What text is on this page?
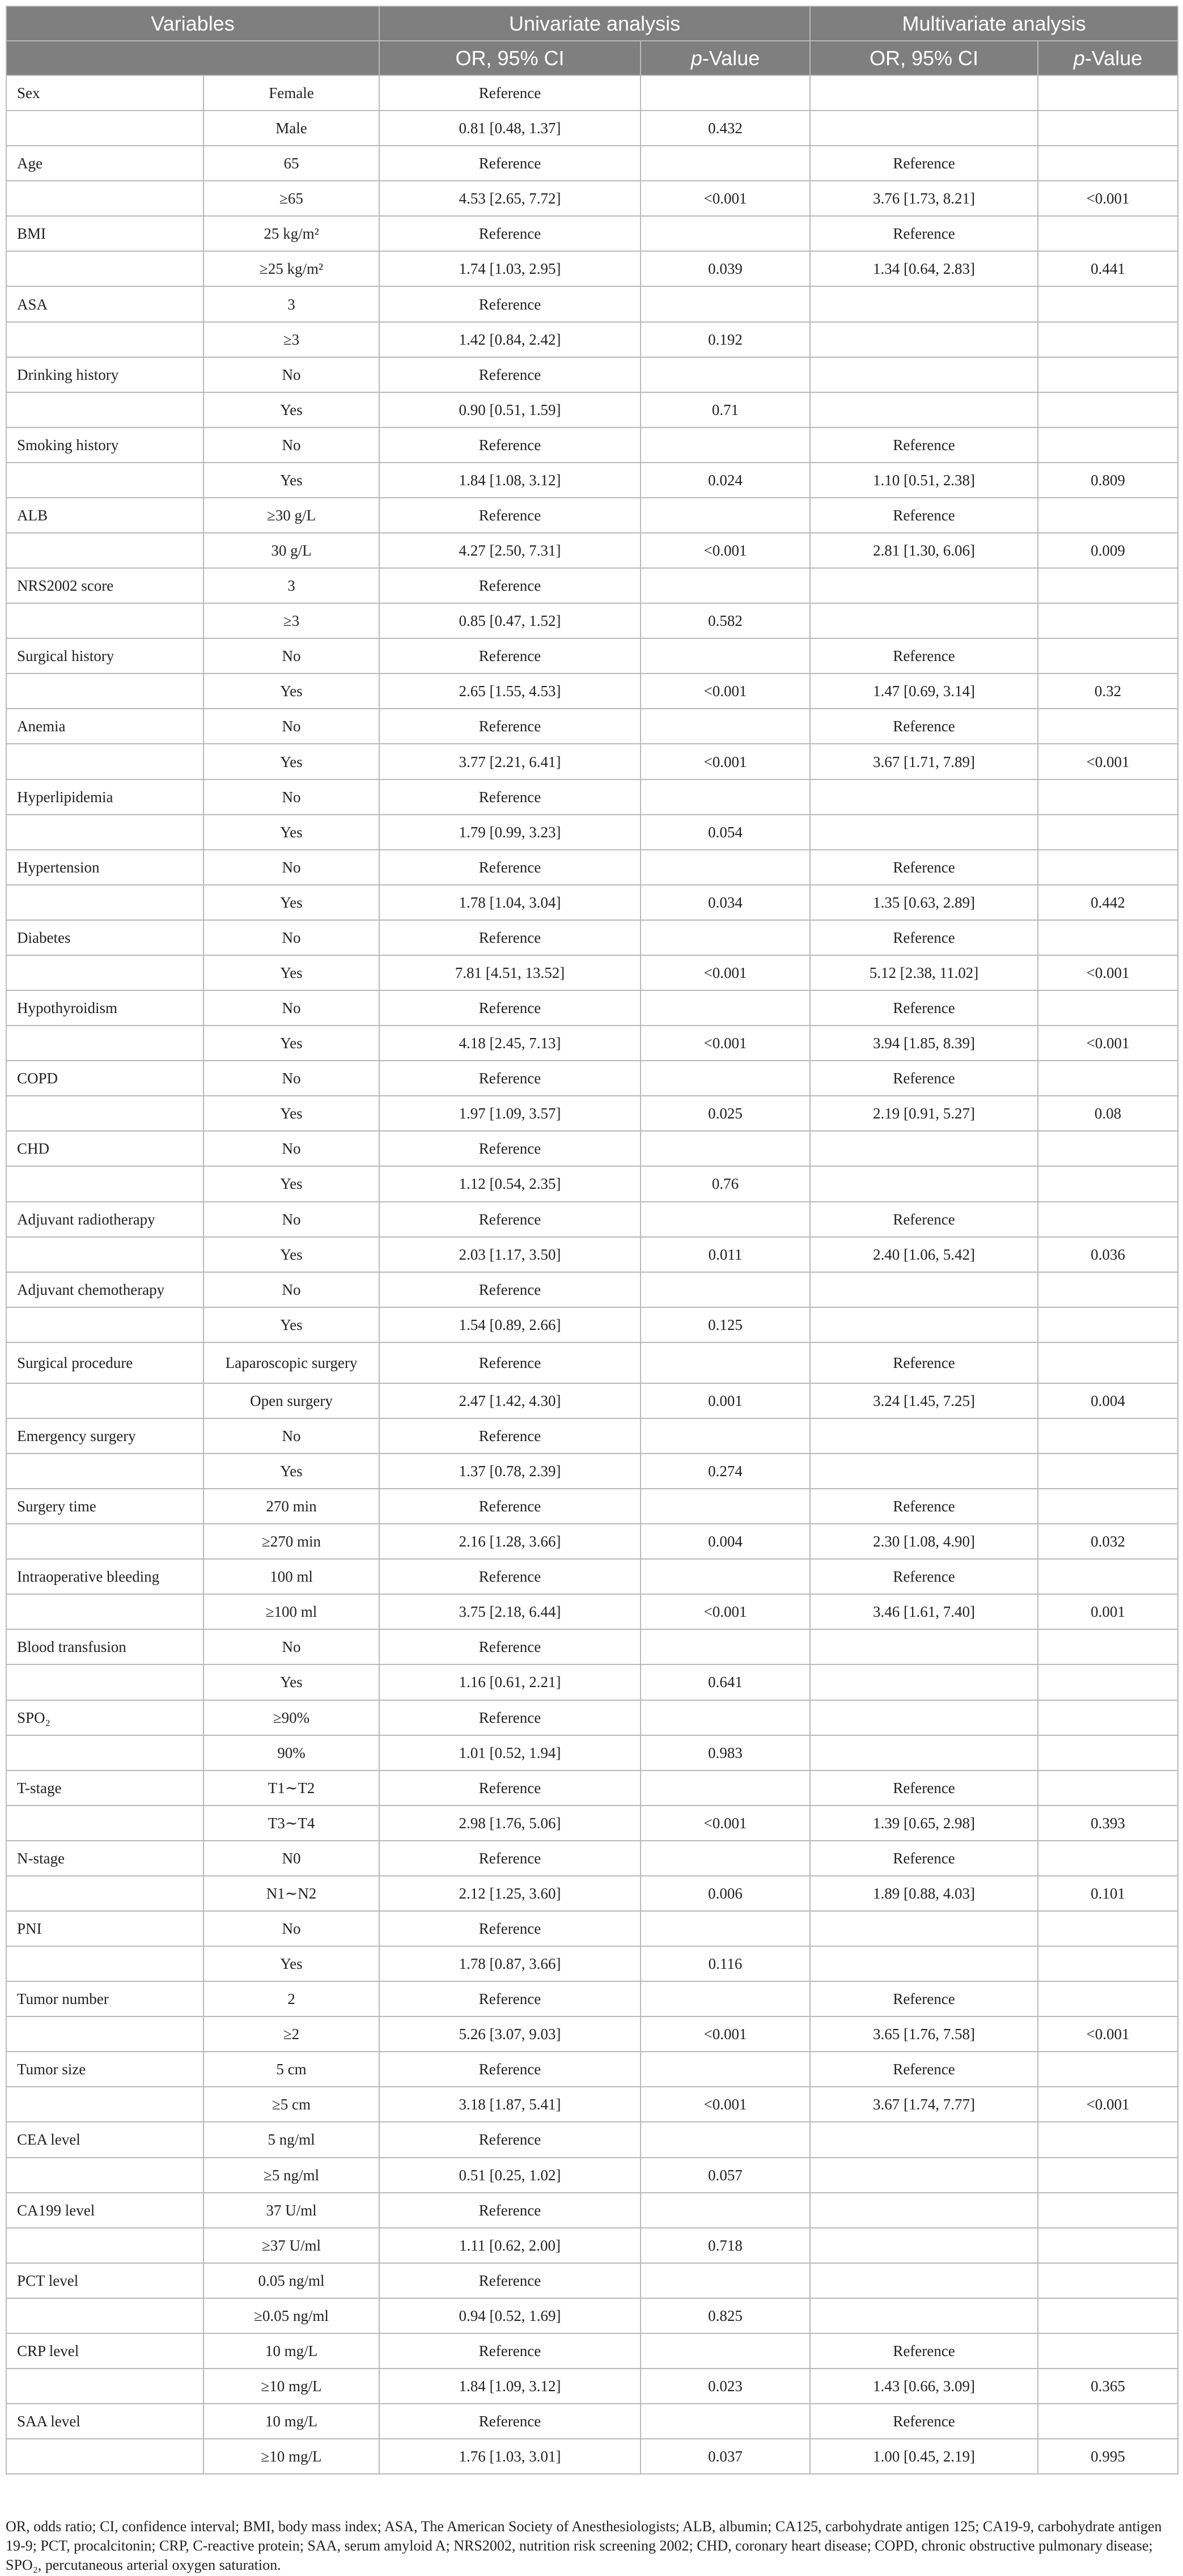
Variables		Univariate analysis		Multivariate analysis	
		OR, 95% CI	p-Value	OR, 95% CI	p-Value
Sex	Female	Reference			
	Male	0.81 [0.48, 1.37]	0.432		
Age	65	Reference		Reference	
	≥65	4.53 [2.65, 7.72]	<0.001	3.76 [1.73, 8.21]	<0.001
BMI	25 kg/m²	Reference		Reference	
	≥25 kg/m²	1.74 [1.03, 2.95]	0.039	1.34 [0.64, 2.83]	0.441
ASA	3	Reference			
	≥3	1.42 [0.84, 2.42]	0.192		
Drinking history	No	Reference			
	Yes	0.90 [0.51, 1.59]	0.71		
Smoking history	No	Reference		Reference	
	Yes	1.84 [1.08, 3.12]	0.024	1.10 [0.51, 2.38]	0.809
ALB	≥30 g/L	Reference		Reference	
	30 g/L	4.27 [2.50, 7.31]	<0.001	2.81 [1.30, 6.06]	0.009
NRS2002 score	3	Reference			
	≥3	0.85 [0.47, 1.52]	0.582		
Surgical history	No	Reference		Reference	
	Yes	2.65 [1.55, 4.53]	<0.001	1.47 [0.69, 3.14]	0.32
Anemia	No	Reference		Reference	
	Yes	3.77 [2.21, 6.41]	<0.001	3.67 [1.71, 7.89]	<0.001
Hyperlipidemia	No	Reference			
	Yes	1.79 [0.99, 3.23]	0.054		
Hypertension	No	Reference		Reference	
	Yes	1.78 [1.04, 3.04]	0.034	1.35 [0.63, 2.89]	0.442
Diabetes	No	Reference		Reference	
	Yes	7.81 [4.51, 13.52]	<0.001	5.12 [2.38, 11.02]	<0.001
Hypothyroidism	No	Reference		Reference	
	Yes	4.18 [2.45, 7.13]	<0.001	3.94 [1.85, 8.39]	<0.001
COPD	No	Reference		Reference	
	Yes	1.97 [1.09, 3.57]	0.025	2.19 [0.91, 5.27]	0.08
CHD	No	Reference			
	Yes	1.12 [0.54, 2.35]	0.76		
Adjuvant radiotherapy	No	Reference		Reference	
	Yes	2.03 [1.17, 3.50]	0.011	2.40 [1.06, 5.42]	0.036
Adjuvant chemotherapy	No	Reference			
	Yes	1.54 [0.89, 2.66]	0.125		
Surgical procedure	Laparoscopic surgery	Reference		Reference	
	Open surgery	2.47 [1.42, 4.30]	0.001	3.24 [1.45, 7.25]	0.004
Emergency surgery	No	Reference			
	Yes	1.37 [0.78, 2.39]	0.274		
Surgery time	270 min	Reference		Reference	
	≥270 min	2.16 [1.28, 3.66]	0.004	2.30 [1.08, 4.90]	0.032
Intraoperative bleeding	100 ml	Reference		Reference	
	≥100 ml	3.75 [2.18, 6.44]	<0.001	3.46 [1.61, 7.40]	0.001
Blood transfusion	No	Reference			
	Yes	1.16 [0.61, 2.21]	0.641		
SPO₂	≥90%	Reference			
	90%	1.01 [0.52, 1.94]	0.983		
T-stage	T1∼T2	Reference		Reference	
	T3∼T4	2.98 [1.76, 5.06]	<0.001	1.39 [0.65, 2.98]	0.393
N-stage	N0	Reference		Reference	
	N1∼N2	2.12 [1.25, 3.60]	0.006	1.89 [0.88, 4.03]	0.101
PNI	No	Reference			
	Yes	1.78 [0.87, 3.66]	0.116		
Tumor number	2	Reference		Reference	
	≥2	5.26 [3.07, 9.03]	<0.001	3.65 [1.76, 7.58]	<0.001
Tumor size	5 cm	Reference		Reference	
	≥5 cm	3.18 [1.87, 5.41]	<0.001	3.67 [1.74, 7.77]	<0.001
CEA level	5 ng/ml	Reference			
	≥5 ng/ml	0.51 [0.25, 1.02]	0.057		
CA199 level	37 U/ml	Reference			
	≥37 U/ml	1.11 [0.62, 2.00]	0.718		
PCT level	0.05 ng/ml	Reference			
	≥0.05 ng/ml	0.94 [0.52, 1.69]	0.825		
CRP level	10 mg/L	Reference		Reference	
	≥10 mg/L	1.84 [1.09, 3.12]	0.023	1.43 [0.66, 3.09]	0.365
SAA level	10 mg/L	Reference		Reference	
	≥10 mg/L	1.76 [1.03, 3.01]	0.037	1.00 [0.45, 2.19]	0.995
OR, odds ratio; CI, confidence interval; BMI, body mass index; ASA, The American Society of Anesthesiologists; ALB, albumin; CA125, carbohydrate antigen 125; CA19-9, carbohydrate antigen 19-9; PCT, procalcitonin; CRP, C-reactive protein; SAA, serum amyloid A; NRS2002, nutrition risk screening 2002; CHD, coronary heart disease; COPD, chronic obstructive pulmonary disease; SPO₂, percutaneous arterial oxygen saturation.
